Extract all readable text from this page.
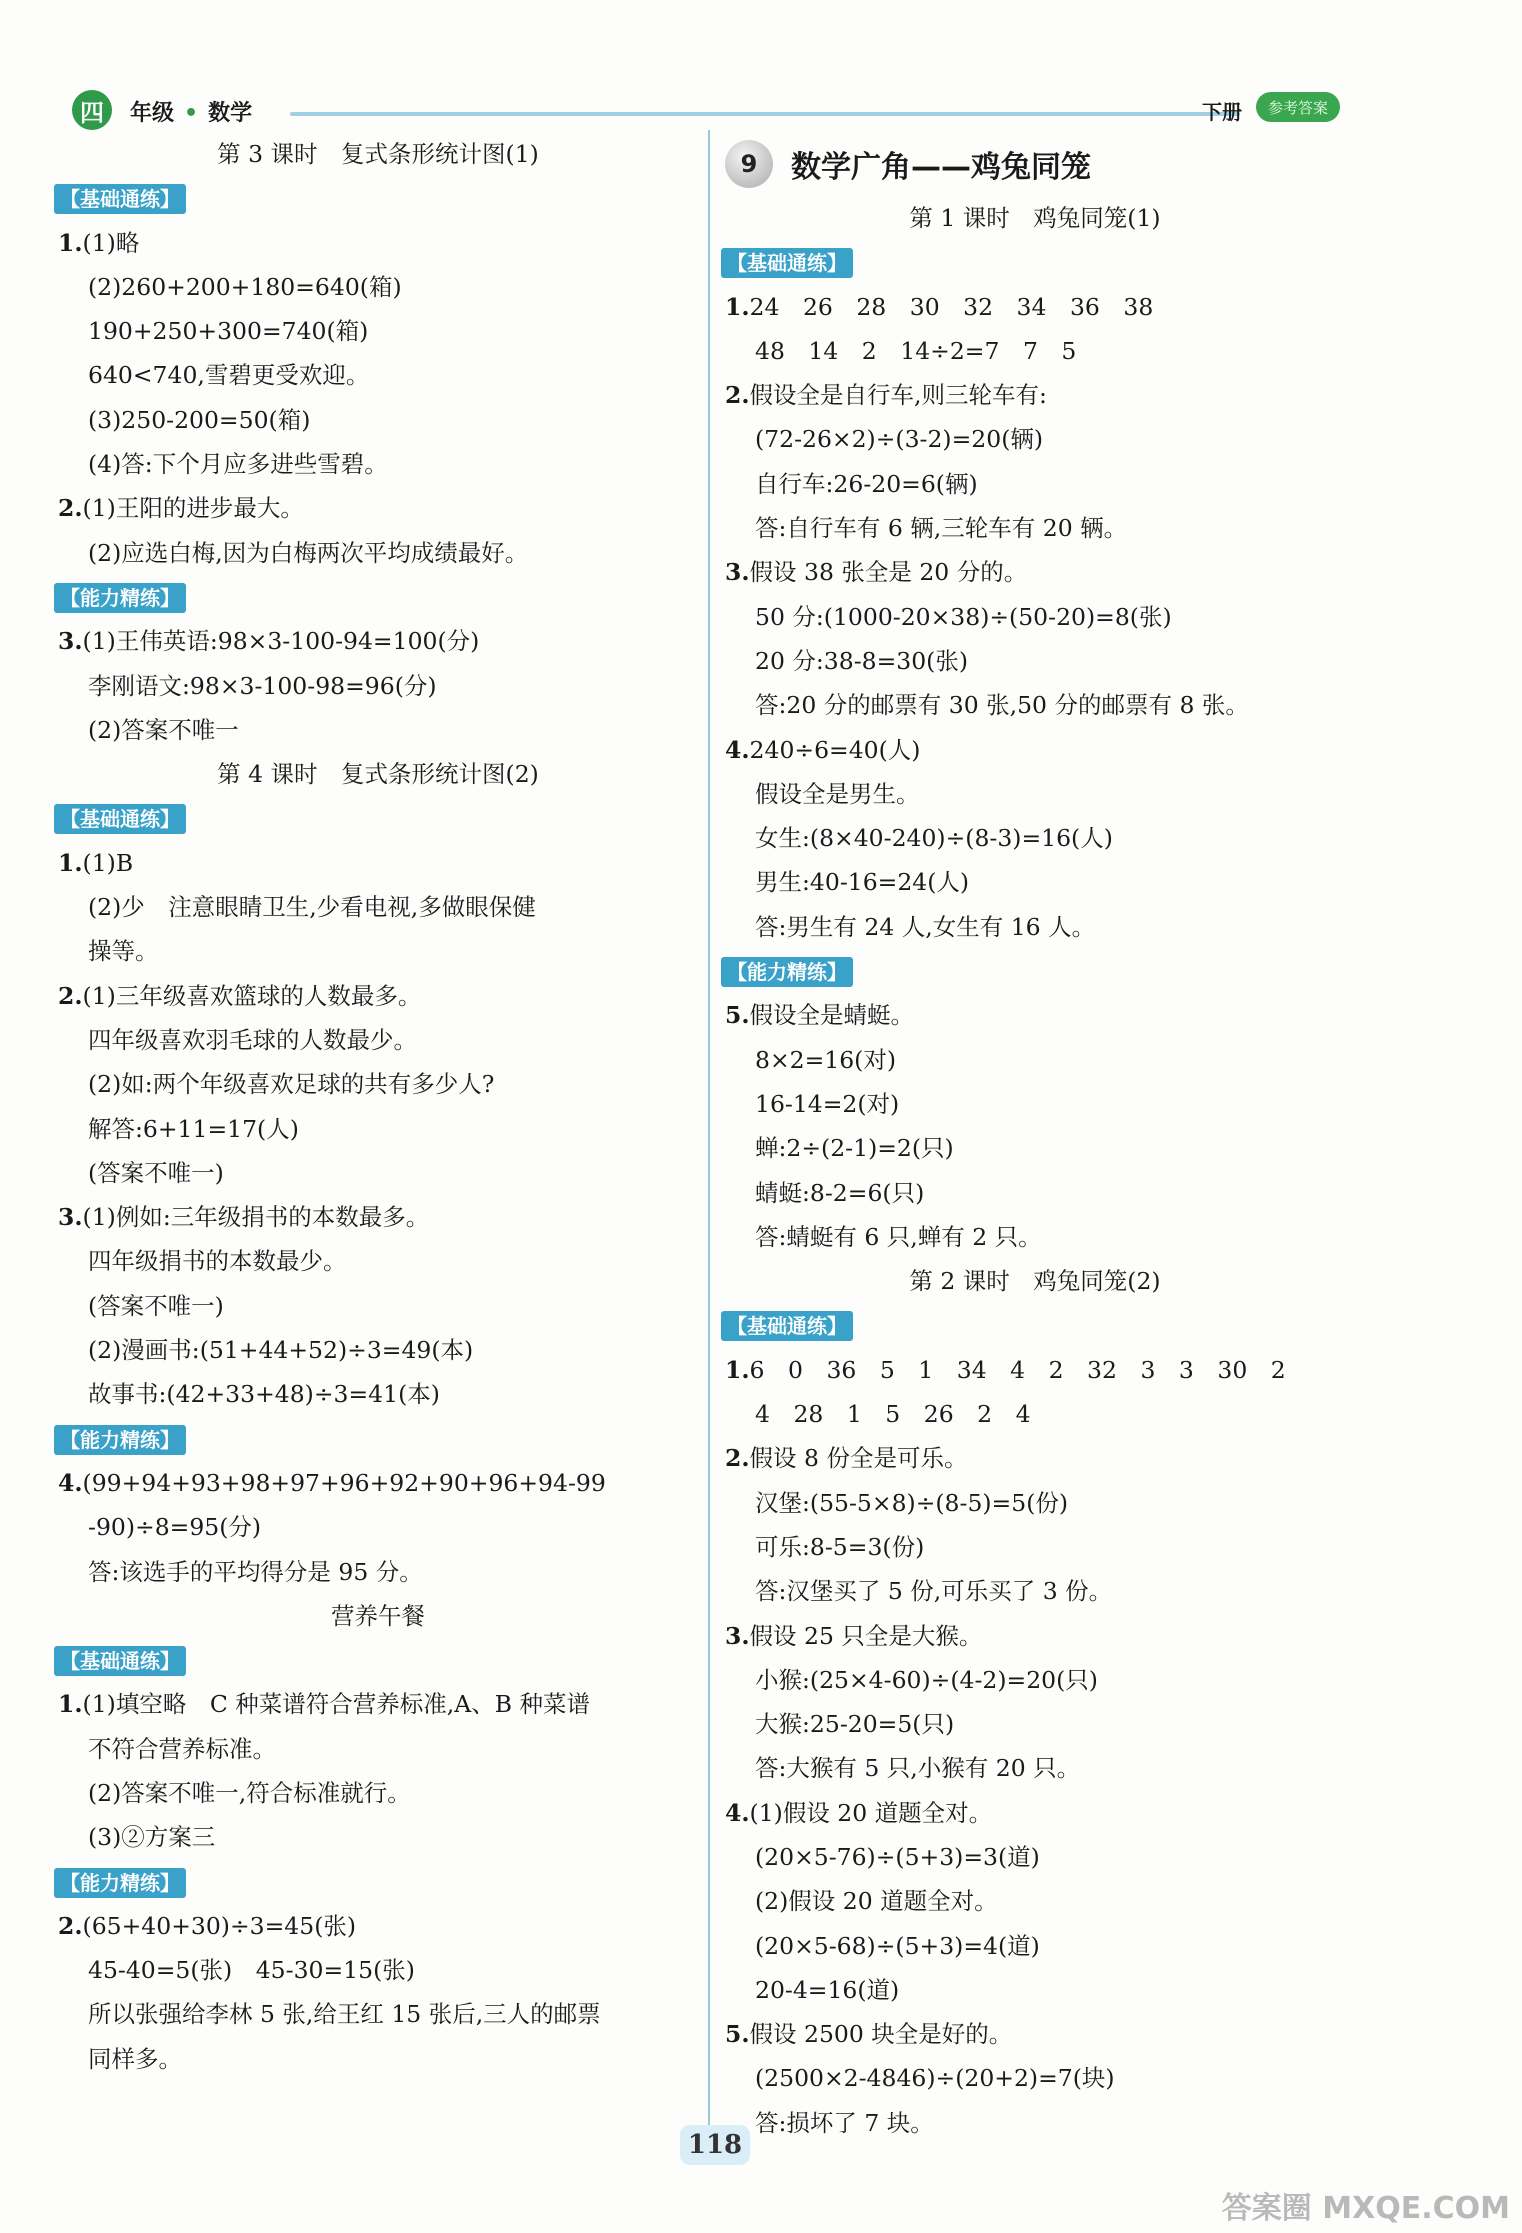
四	年级 • 数学	下册	参考答案
第 3 课时　复式条形统计图(1)
【基础通练】
1.(1)略
(2)260+200+180=640(箱)
190+250+300=740(箱)
640<740,雪碧更受欢迎。
(3)250-200=50(箱)
(4)答:下个月应多进些雪碧。
2.(1)王阳的进步最大。
(2)应选白梅,因为白梅两次平均成绩最好。
【能力精练】
3.(1)王伟英语:98×3-100-94=100(分)
李刚语文:98×3-100-98=96(分)
(2)答案不唯一
第 4 课时　复式条形统计图(2)
【基础通练】
1.(1)B
(2)少　注意眼睛卫生,少看电视,多做眼保健
操等。
2.(1)三年级喜欢篮球的人数最多。
四年级喜欢羽毛球的人数最少。
(2)如:两个年级喜欢足球的共有多少人?
解答:6+11=17(人)
(答案不唯一)
3.(1)例如:三年级捐书的本数最多。
四年级捐书的本数最少。
(答案不唯一)
(2)漫画书:(51+44+52)÷3=49(本)
故事书:(42+33+48)÷3=41(本)
【能力精练】
4.(99+94+93+98+97+96+92+90+96+94-99
-90)÷8=95(分)
答:该选手的平均得分是 95 分。
营养午餐
【基础通练】
1.(1)填空略　C 种菜谱符合营养标准,A、B 种菜谱
不符合营养标准。
(2)答案不唯一,符合标准就行。
(3)②方案三
【能力精练】
2.(65+40+30)÷3=45(张)
45-40=5(张)　45-30=15(张)
所以张强给李林 5 张,给王红 15 张后,三人的邮票
同样多。
9	数学广角——鸡兔同笼
第 1 课时　鸡兔同笼(1)
【基础通练】
1.24　26　28　30　32　34　36　38
48　14　2　14÷2=7　7　5
2.假设全是自行车,则三轮车有:
(72-26×2)÷(3-2)=20(辆)
自行车:26-20=6(辆)
答:自行车有 6 辆,三轮车有 20 辆。
3.假设 38 张全是 20 分的。
50 分:(1000-20×38)÷(50-20)=8(张)
20 分:38-8=30(张)
答:20 分的邮票有 30 张,50 分的邮票有 8 张。
4.240÷6=40(人)
假设全是男生。
女生:(8×40-240)÷(8-3)=16(人)
男生:40-16=24(人)
答:男生有 24 人,女生有 16 人。
【能力精练】
5.假设全是蜻蜓。
8×2=16(对)
16-14=2(对)
蝉:2÷(2-1)=2(只)
蜻蜓:8-2=6(只)
答:蜻蜓有 6 只,蝉有 2 只。
第 2 课时　鸡兔同笼(2)
【基础通练】
1.6　0　36　5　1　34　4　2　32　3　3　30　2
4　28　1　5　26　2　4
2.假设 8 份全是可乐。
汉堡:(55-5×8)÷(8-5)=5(份)
可乐:8-5=3(份)
答:汉堡买了 5 份,可乐买了 3 份。
3.假设 25 只全是大猴。
小猴:(25×4-60)÷(4-2)=20(只)
大猴:25-20=5(只)
答:大猴有 5 只,小猴有 20 只。
4.(1)假设 20 道题全对。
(20×5-76)÷(5+3)=3(道)
(2)假设 20 道题全对。
(20×5-68)÷(5+3)=4(道)
20-4=16(道)
5.假设 2500 块全是好的。
(2500×2-4846)÷(20+2)=7(块)
答:损坏了 7 块。
118
答案圈 MXQE.COM
